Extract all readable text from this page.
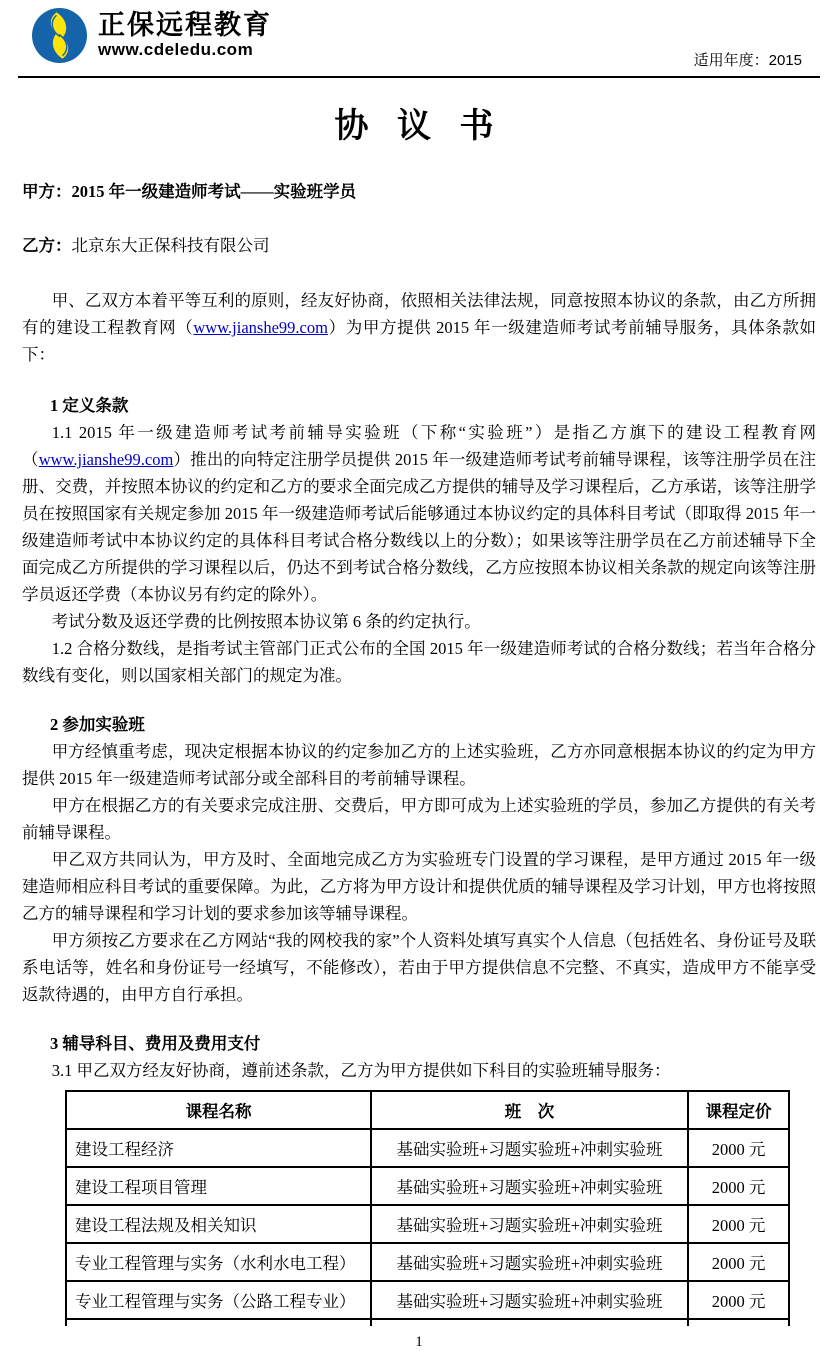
正保远程教育
www.cdeledu.com
适用年度：2015
协 议 书

甲方：2015 年一级建造师考试——实验班学员

乙方：北京东大正保科技有限公司

甲、乙双方本着平等互利的原则，经友好协商，依照相关法律法规，同意按照本协议的条款，由乙方所拥有的建设工程教育网（www.jianshe99.com）为甲方提供 2015 年一级建造师考试考前辅导服务，具体条款如下：

1 定义条款

1.1 2015 年一级建造师考试考前辅导实验班（下称“实验班”）是指乙方旗下的建设工程教育网（www.jianshe99.com）推出的向特定注册学员提供 2015 年一级建造师考试考前辅导课程，该等注册学员在注册、交费，并按照本协议的约定和乙方的要求全面完成乙方提供的辅导及学习课程后，乙方承诺，该等注册学员在按照国家有关规定参加 2015 年一级建造师考试后能够通过本协议约定的具体科目考试（即取得 2015 年一级建造师考试中本协议约定的具体科目考试合格分数线以上的分数）；如果该等注册学员在乙方前述辅导下全面完成乙方所提供的学习课程以后，仍达不到考试合格分数线，乙方应按照本协议相关条款的规定向该等注册学员返还学费（本协议另有约定的除外）。

考试分数及返还学费的比例按照本协议第 6 条的约定执行。

1.2 合格分数线，是指考试主管部门正式公布的全国 2015 年一级建造师考试的合格分数线；若当年合格分数线有变化，则以国家相关部门的规定为准。

2 参加实验班

甲方经慎重考虑，现决定根据本协议的约定参加乙方的上述实验班，乙方亦同意根据本协议的约定为甲方提供 2015 年一级建造师考试部分或全部科目的考前辅导课程。

甲方在根据乙方的有关要求完成注册、交费后，甲方即可成为上述实验班的学员，参加乙方提供的有关考前辅导课程。

甲乙双方共同认为，甲方及时、全面地完成乙方为实验班专门设置的学习课程，是甲方通过 2015 年一级建造师相应科目考试的重要保障。为此，乙方将为甲方设计和提供优质的辅导课程及学习计划，甲方也将按照乙方的辅导课程和学习计划的要求参加该等辅导课程。

甲方须按乙方要求在乙方网站“我的网校我的家”个人资料处填写真实个人信息（包括姓名、身份证号及联系电话等，姓名和身份证号一经填写，不能修改），若由于甲方提供信息不完整、不真实，造成甲方不能享受返款待遇的，由甲方自行承担。

3 辅导科目、费用及费用支付

3.1 甲乙双方经友好协商，遵前述条款，乙方为甲方提供如下科目的实验班辅导服务：

课程名称	班　次	课程定价
建设工程经济	基础实验班+习题实验班+冲刺实验班	2000 元
建设工程项目管理	基础实验班+习题实验班+冲刺实验班	2000 元
建设工程法规及相关知识	基础实验班+习题实验班+冲刺实验班	2000 元
专业工程管理与实务（水利水电工程）	基础实验班+习题实验班+冲刺实验班	2000 元
专业工程管理与实务（公路工程专业）	基础实验班+习题实验班+冲刺实验班	2000 元

1
